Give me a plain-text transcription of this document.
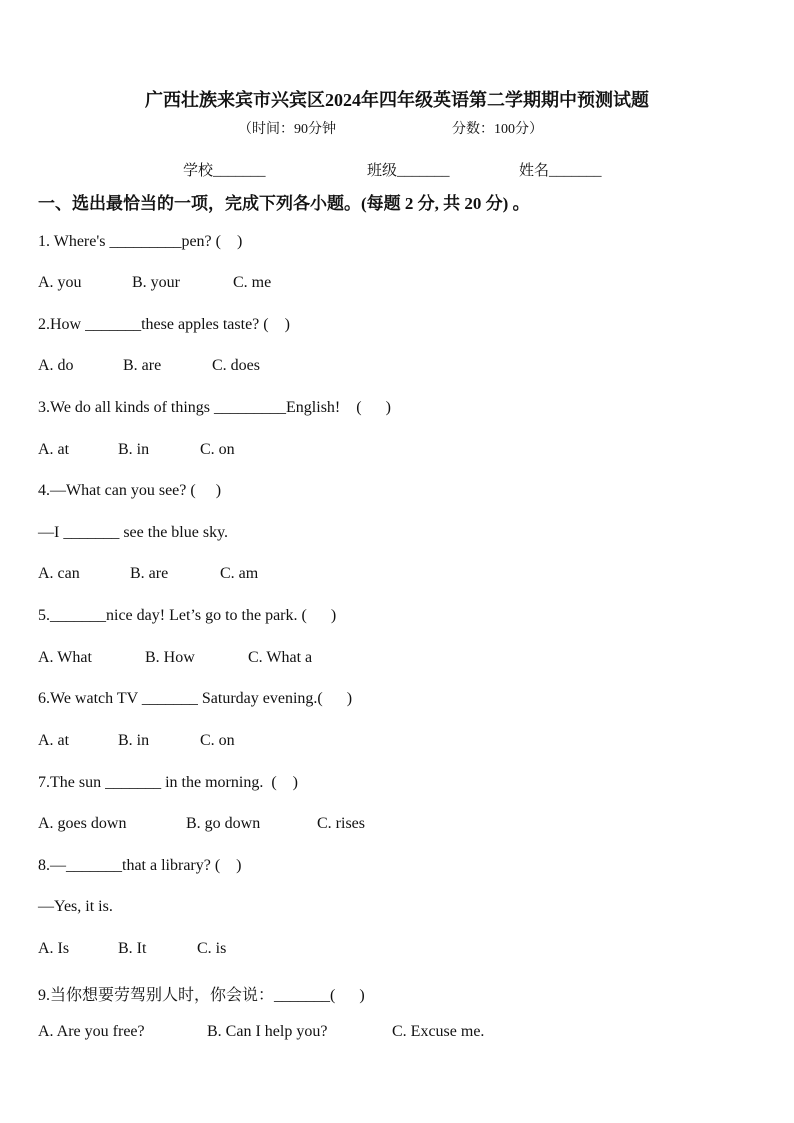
广西壮族来宾市兴宾区2024年四年级英语第二学期期中预测试题
（时间：90分钟	分数：100分）
学校_______	班级_______	姓名_______
一、选出最恰当的一项，完成下列各小题。(每题 2 分, 共 20 分) 。
1. Where's _________pen? (    )
A. you	B. your	C. me
2.How _______these apples taste? (    )
A. do	B. are	C. does
3.We do all kinds of things _________English!    (      )
A. at	B. in	C. on
4.—What can you see? (     )
—I _______ see the blue sky.
A. can	B. are	C. am
5._______nice day! Let’s go to the park. (      )
A. What	B. How	C. What a
6.We watch TV _______ Saturday evening.(      )
A. at	B. in	C. on
7.The sun _______ in the morning.  (    )
A. goes down	B. go down	C. rises
8.—_______that a library? (    )
—Yes, it is.
A. Is	B. It	C. is
9.当你想要劳驾别人时，你会说：_______(      )
A. Are you free?	B. Can I help you?	C. Excuse me.
